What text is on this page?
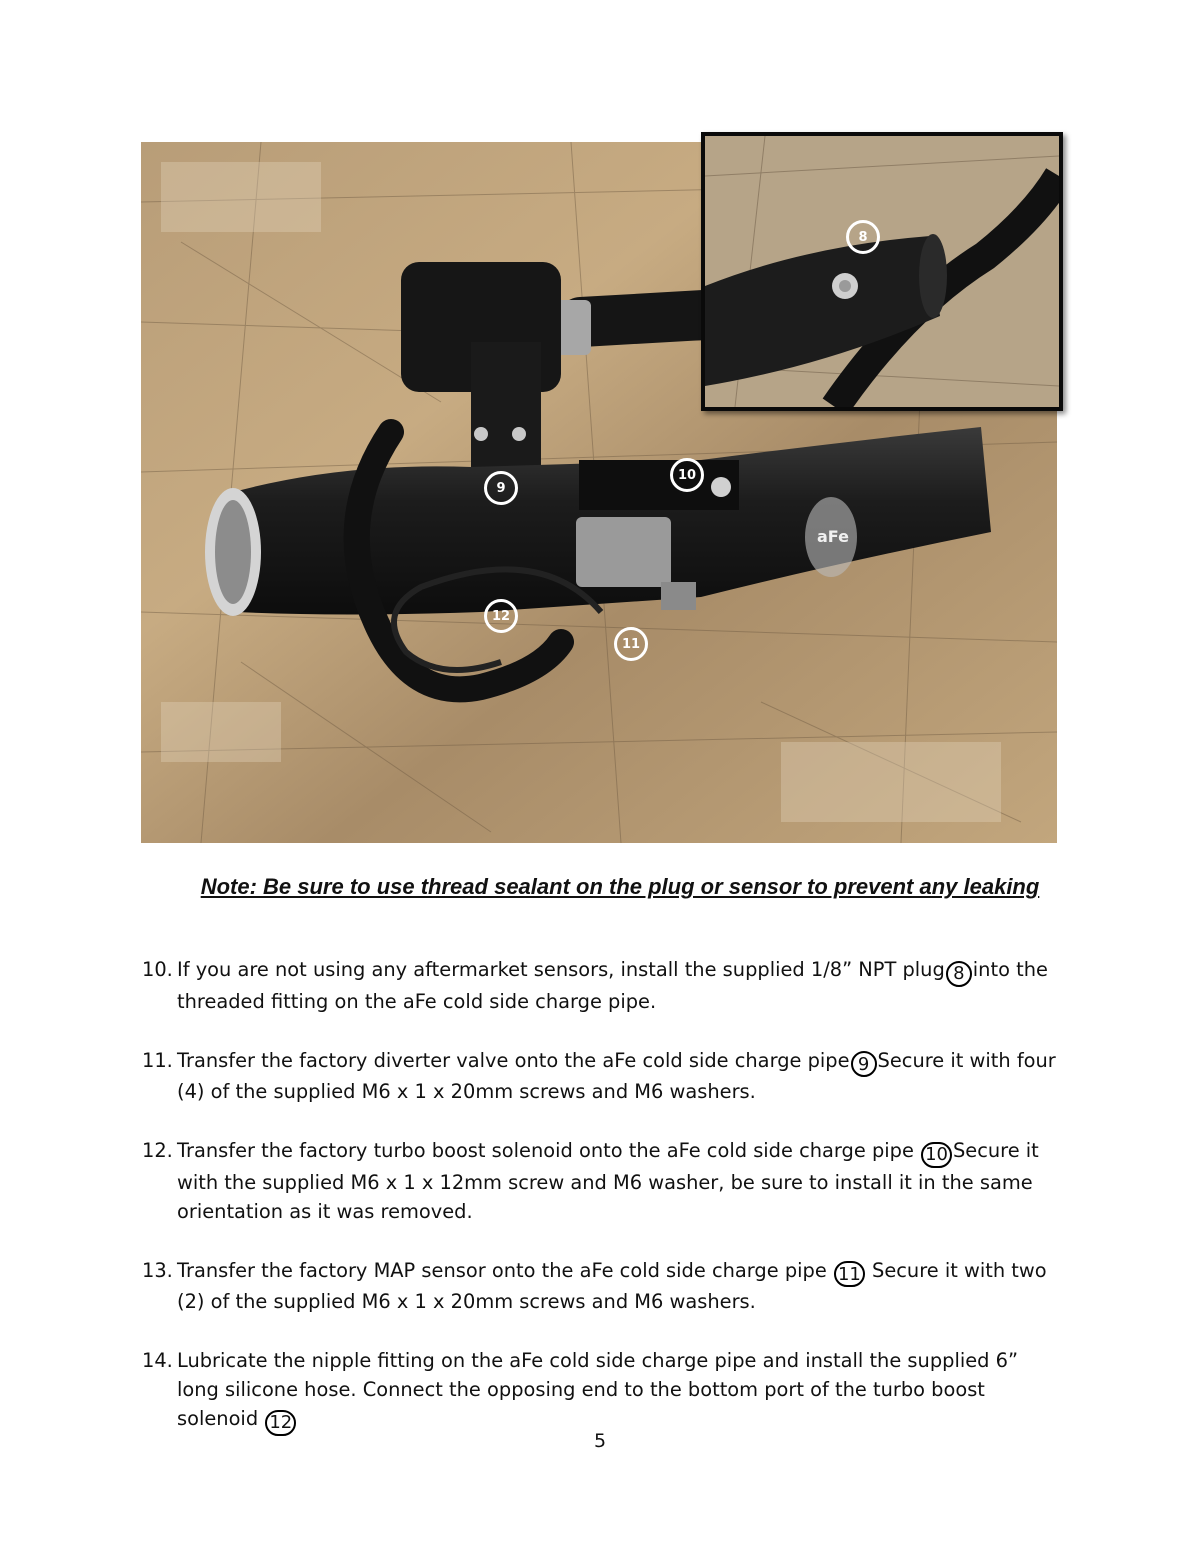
aFe
9
10
11
12
8
Note: Be sure to use thread sealant on the plug or sensor to prevent any leaking
10. If you are not using any aftermarket sensors, install the supplied 1/8” NPT plug 8 into the threaded fitting on the aFe cold side charge pipe.
11. Transfer the factory diverter valve onto the aFe cold side charge pipe 9 Secure it with four (4) of the supplied M6 x 1 x 20mm screws and M6 washers.
12. Transfer the factory turbo boost solenoid onto the aFe cold side charge pipe 10 Secure it with the supplied M6 x 1 x 12mm screw and M6 washer, be sure to install it in the same orientation as it was removed.
13. Transfer the factory MAP sensor onto the aFe cold side charge pipe 11 Secure it with two (2) of the supplied M6 x 1 x 20mm screws and M6 washers.
14. Lubricate the nipple fitting on the aFe cold side charge pipe and install the supplied 6” long silicone hose. Connect the opposing end to the bottom port of the turbo boost solenoid 12
5
